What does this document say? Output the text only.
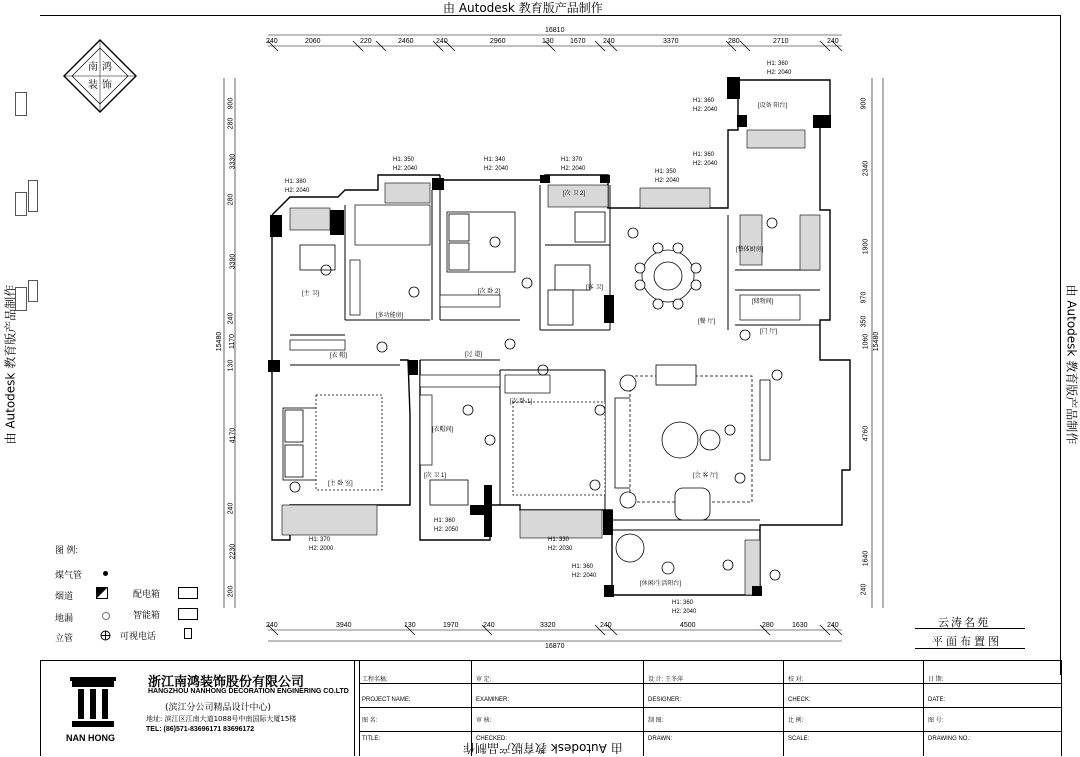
由 Autodesk 教育版产品制作
由 Autodesk 教育版产品制作
由 Autodesk 教育版产品制作	由 Autodesk 教育版产品制作
南 鸿
装 饰
16810
240	2060	220	2460	240	2960	130 1670 240	3370	280	2710	240
240	3940	130	1970	240	3320	240	4500	280	1630	240
16870
15480
900
280
3330
280
3390
240
1170
130
4170
240
2230
200
15480
900
2340
1900
970
350
1060
4760
1640
240
[设备 阳台]
[多功能房]
[次 卧 2]
[次 卫 2]
[客 卫]
[主 卫]
[餐 厅]
[整体厨房]
[储物间]
[门 厅]
[衣 帽]	[过 道]
[主 卧 室]
[衣帽间]
[次 卫 1]
[次 卧 1]
[会 客 厅]
[休闲/生活阳台]
H1: 380
H2: 2040
H1: 350
H2: 2040
H1: 340
H2: 2040
H1: 370
H2: 2040	H1: 350
H2: 2040
H1: 360
H2: 2040
H1: 360
H2: 2040
H1: 360
H2: 2040
H1: 370
H2: 2000
H1: 360
H2: 2050
H1: 330
H2: 2030
H1: 360
H2: 2040
H1: 360
H2: 2040
图 例:
煤气管
烟道	配电箱
地漏	智能箱
立管	可视电话
云涛名苑
平面布置图
NAN HONG
浙江南鸿装饰股份有限公司
HANGZHOU NANHONG DECORATION ENGINERING CO.LTD
(滨江分公司精品设计中心)
地址: 滨江区江南大道1088号中南国际大厦15楼
TEL: (86)571-83696171 83696172
工程名稿:	审 定:	设 计: 王冬萍	校 对:	日 期:
PROJECT NAME:	EXAMINER:	DESIGNER:	CHECK:	DATE:
图 名:	审 核:	制 图:	比 例:	图 号:
TITLE:	CHECKED:	DRAWN:	SCALE:	DRAWING NO.:
